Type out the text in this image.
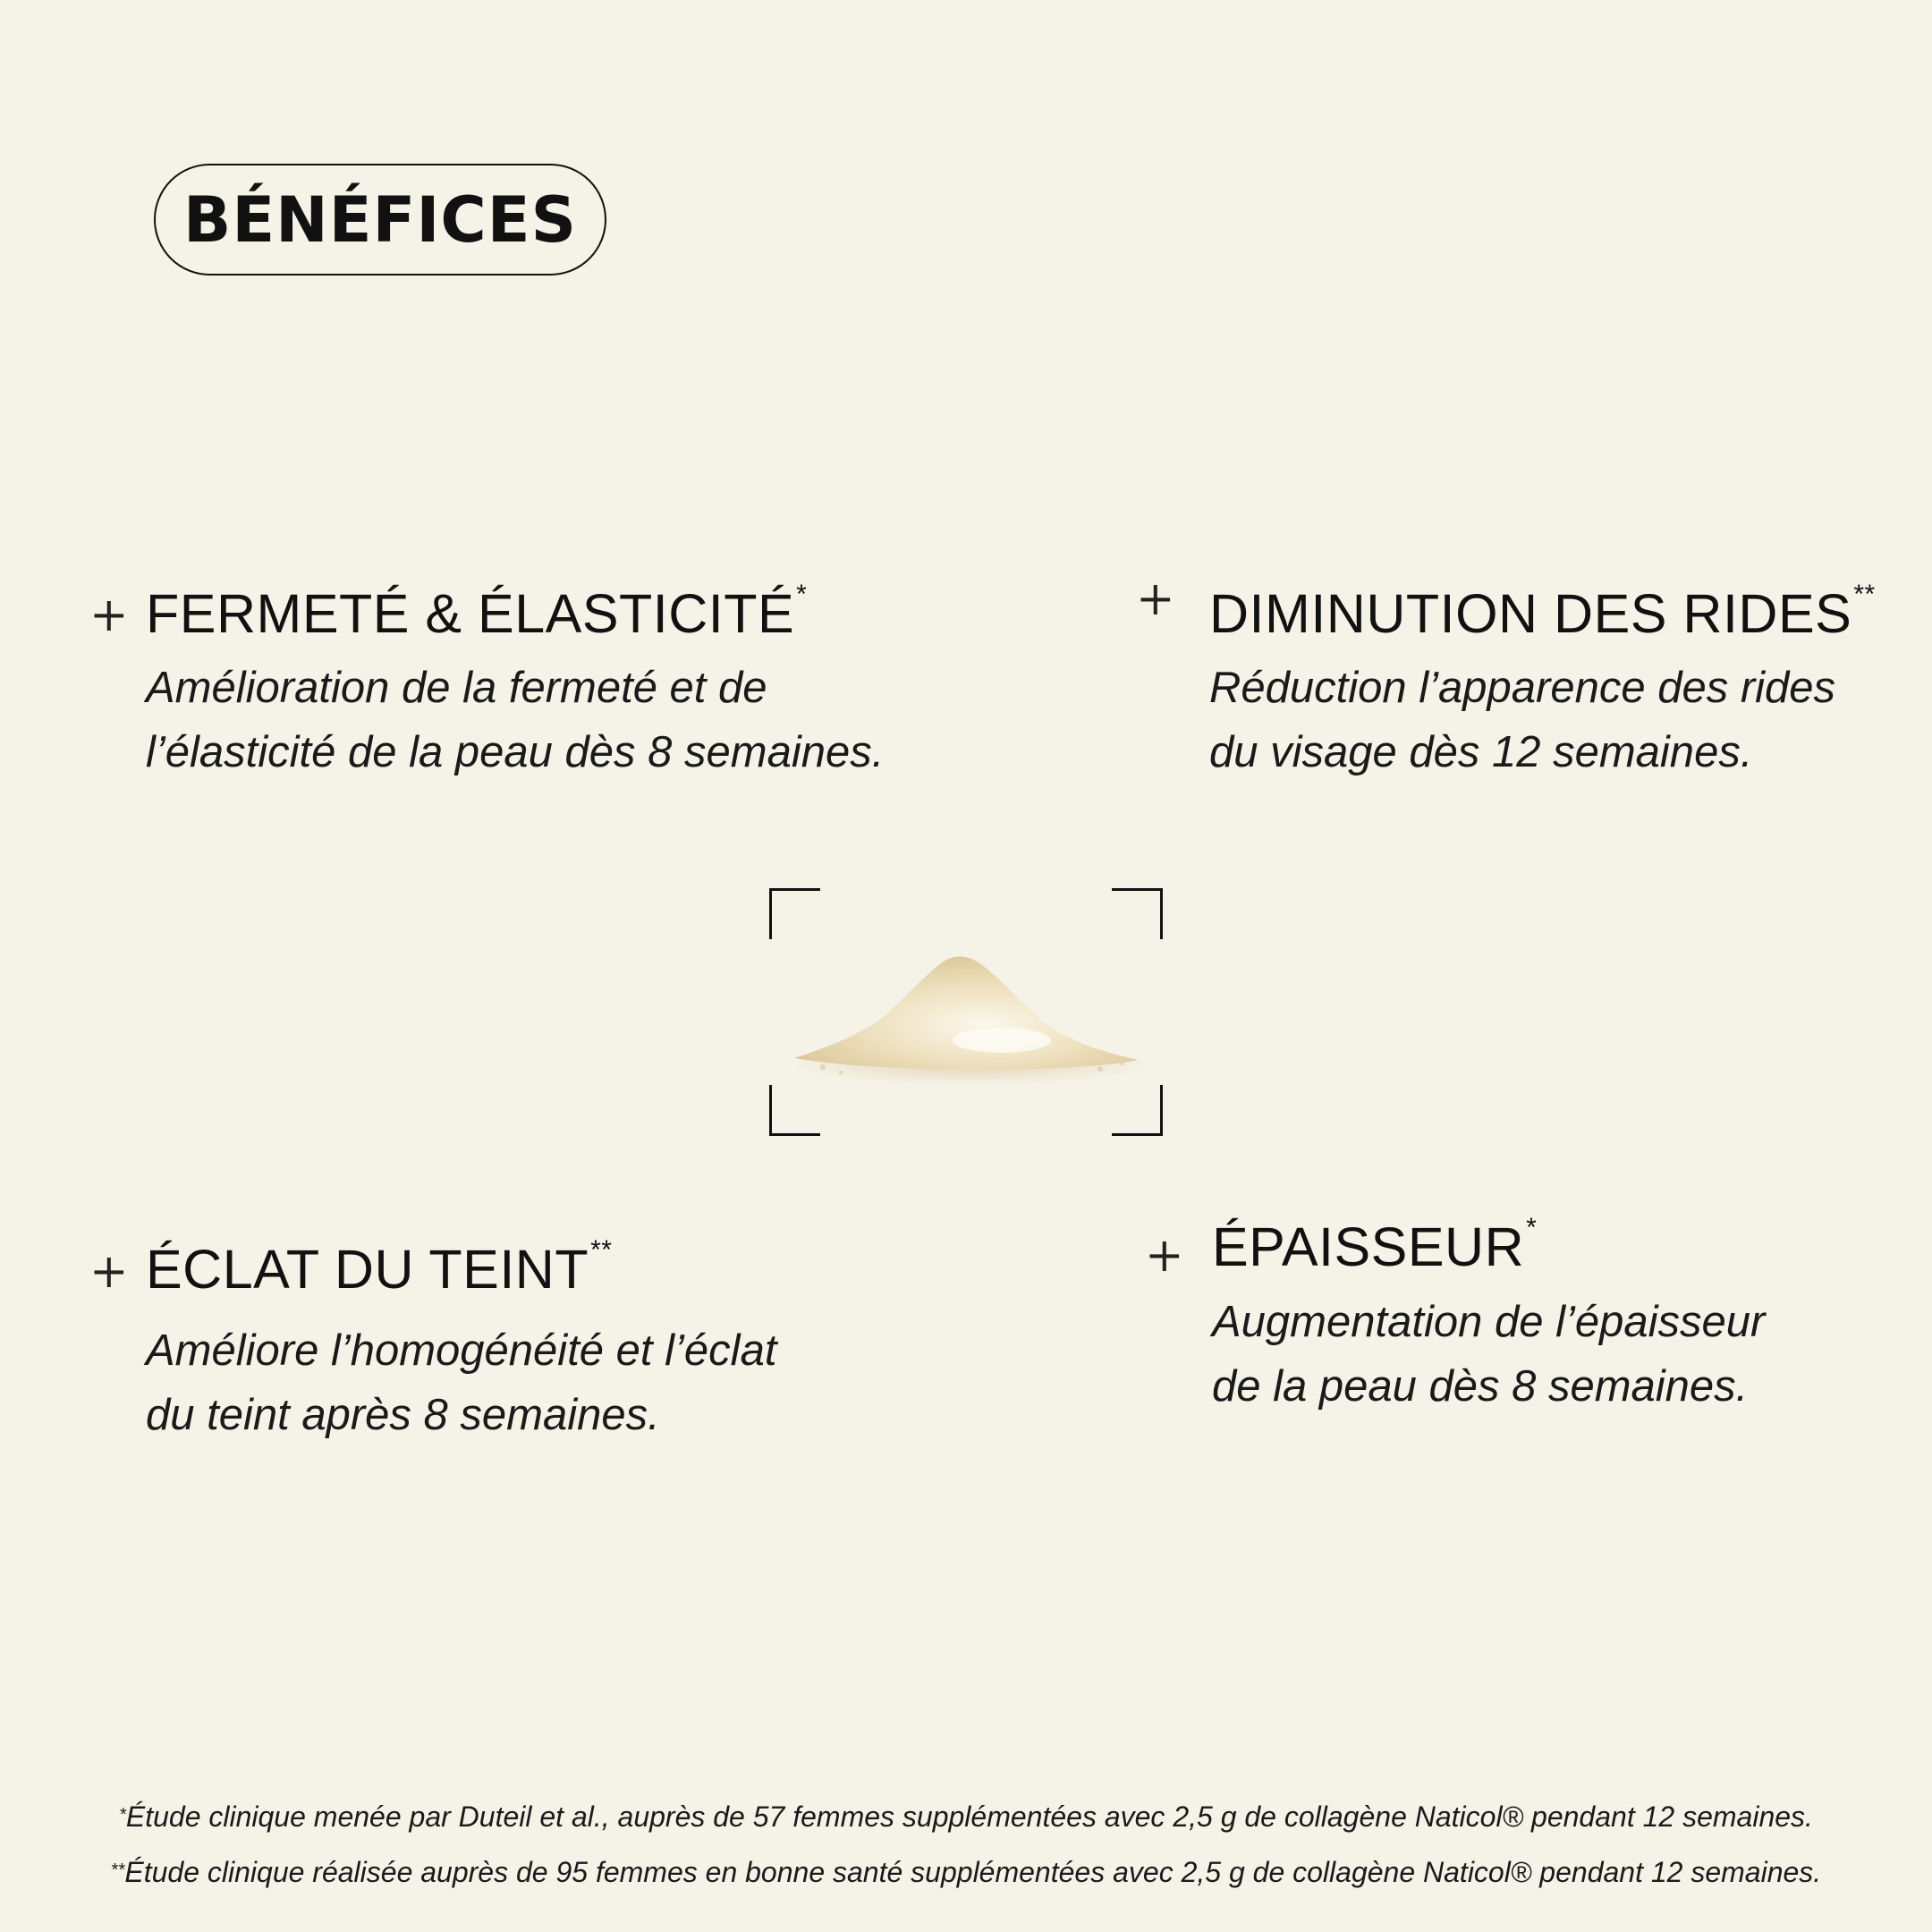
BÉNÉFICES
+ FERMETÉ & ÉLASTICITÉ*
Amélioration de la fermeté et de
l’élasticité de la peau dès 8 semaines.
+ DIMINUTION DES RIDES**
Réduction l’apparence des rides
du visage dès 12 semaines.
+ ÉCLAT DU TEINT**
Améliore l’homogénéité et l’éclat
du teint après 8 semaines.
+ ÉPAISSEUR*
Augmentation de l’épaisseur
de la peau dès 8 semaines.
*Étude clinique menée par Duteil et al., auprès de 57 femmes supplémentées avec 2,5 g de collagène Naticol® pendant 12 semaines.
**Étude clinique réalisée auprès de 95 femmes en bonne santé supplémentées avec 2,5 g de collagène Naticol® pendant 12 semaines.
